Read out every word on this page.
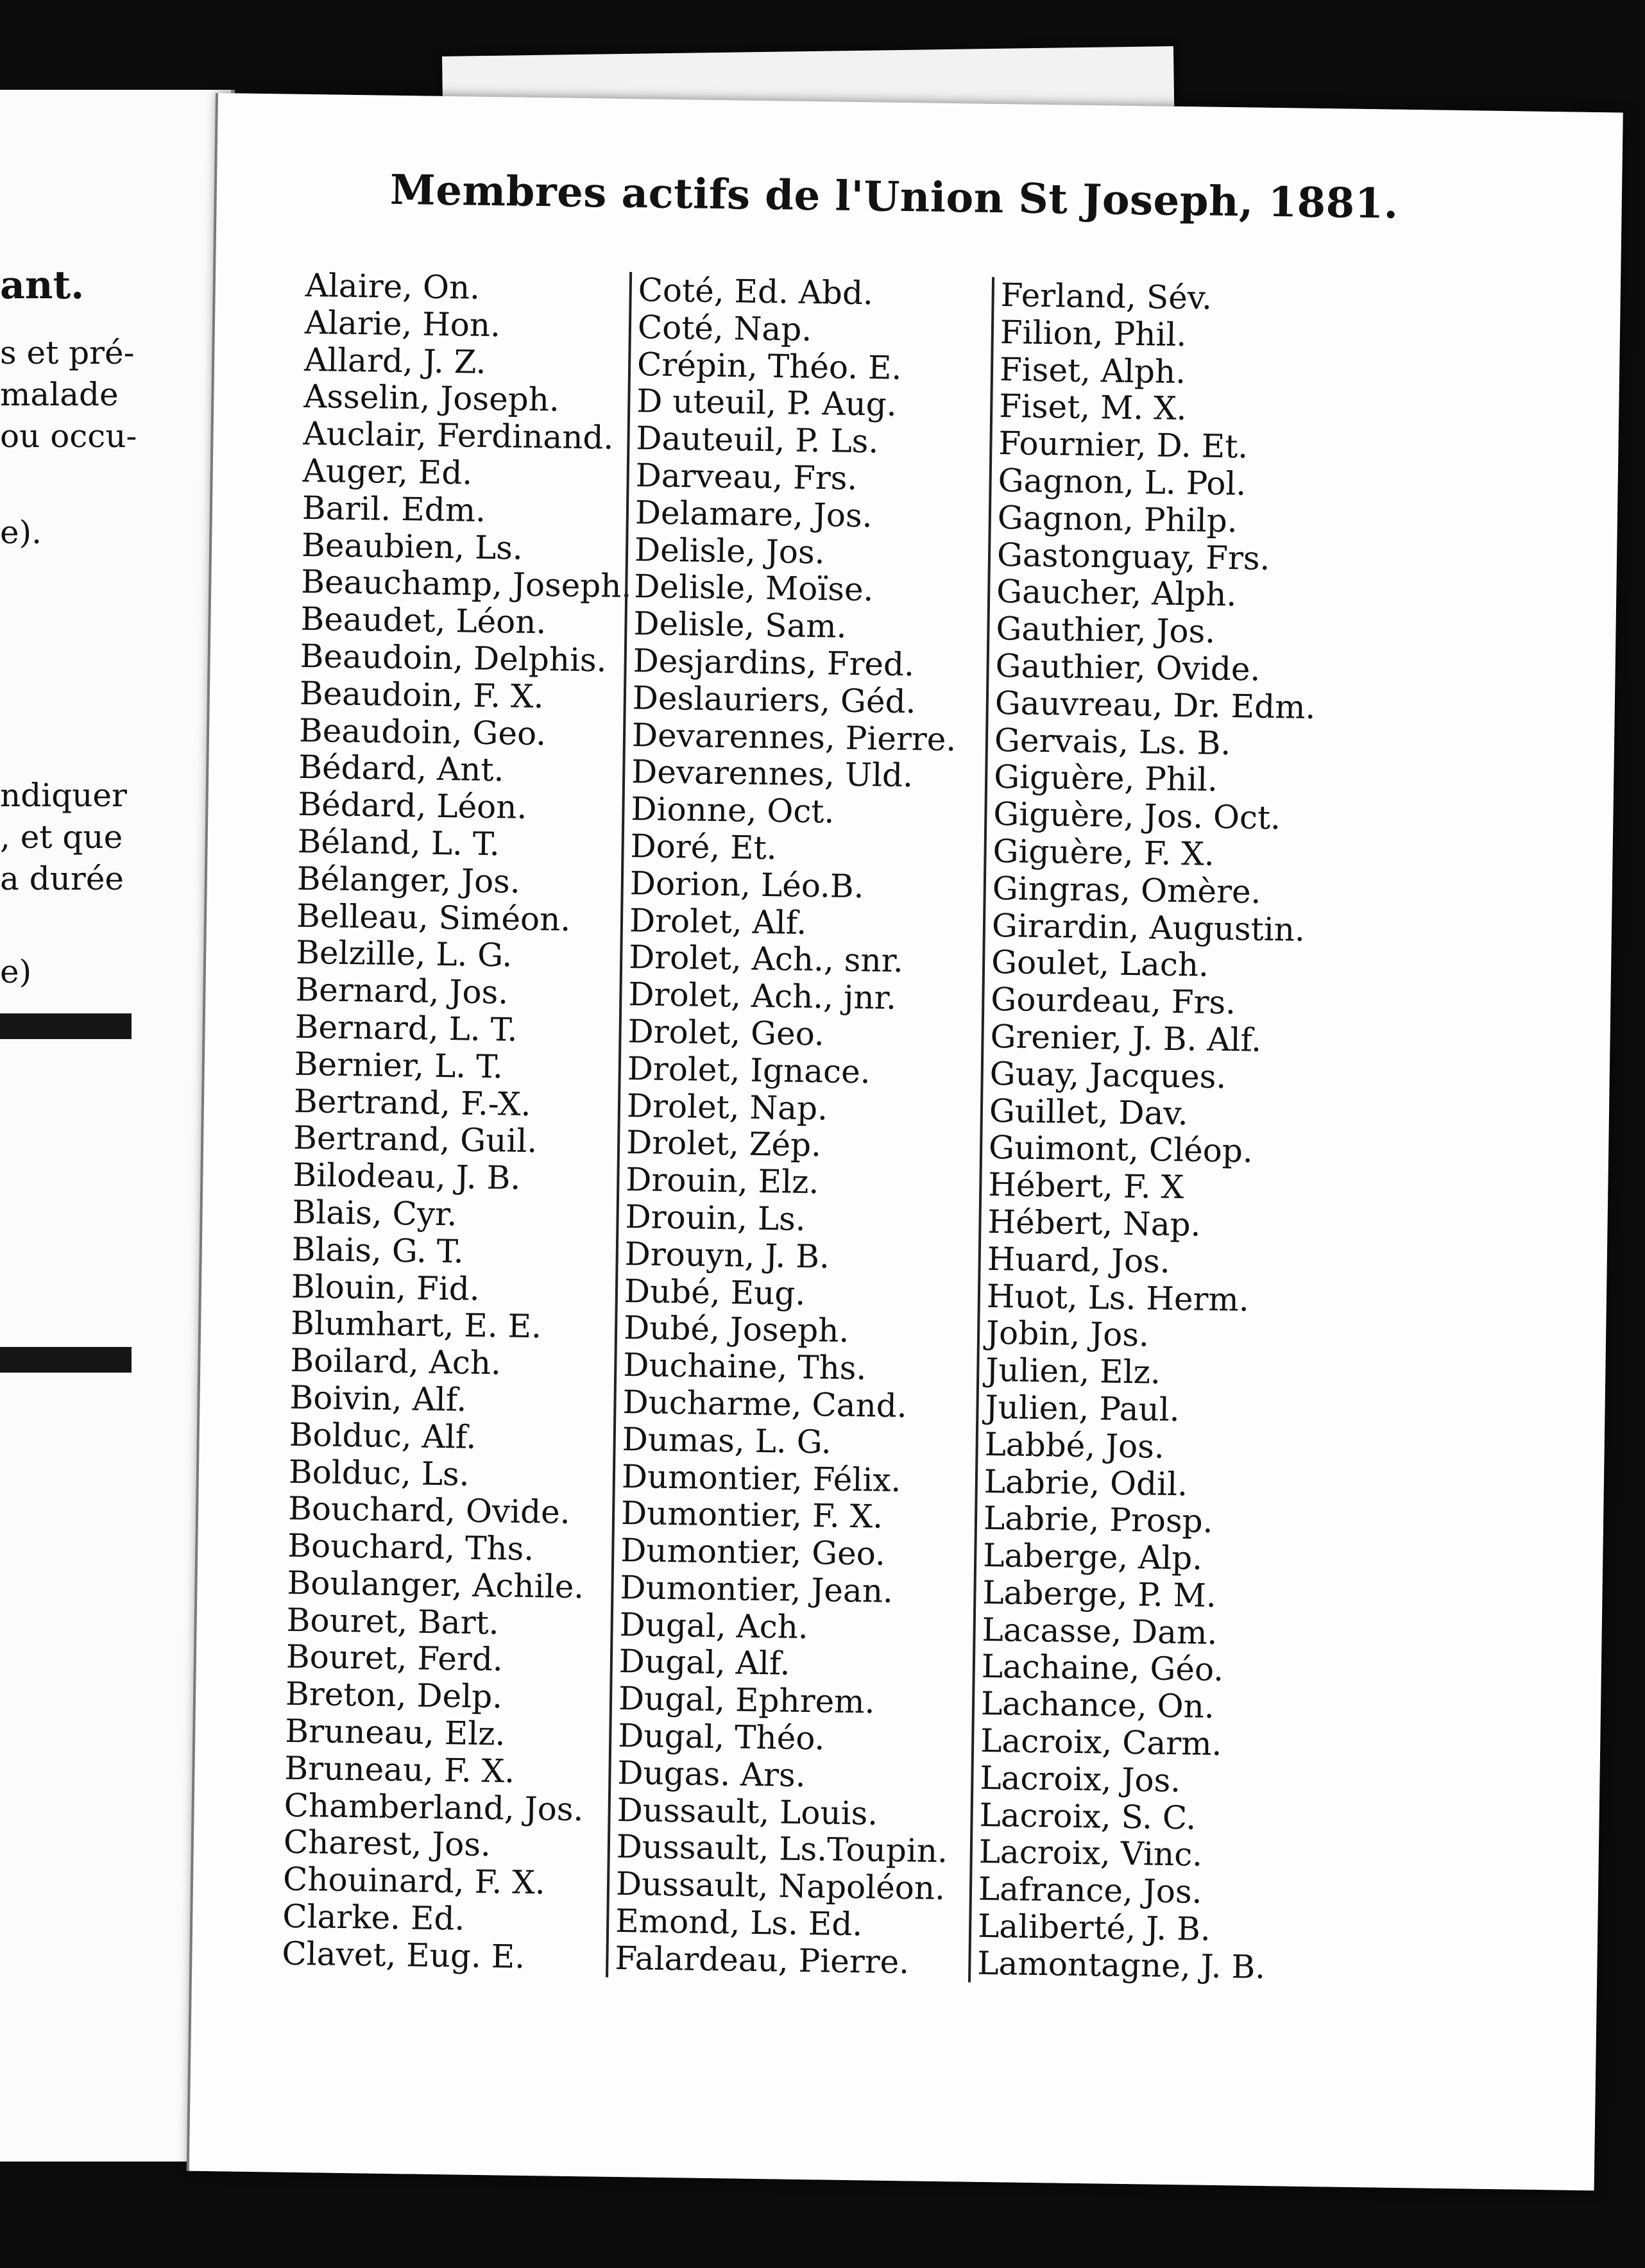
ant.

s et pré-

malade

ou occu-

e).

ndiquer

, et que

a durée

e)

Membres actifs de l'Union St Joseph, 1881.
Alaire, On.
Alarie, Hon.
Allard, J. Z.
Asselin, Joseph.
Auclair, Ferdinand.
Auger, Ed.
Baril. Edm.
Beaubien, Ls.
Beauchamp, Joseph.
Beaudet, Léon.
Beaudoin, Delphis.
Beaudoin, F. X.
Beaudoin, Geo.
Bédard, Ant.
Bédard, Léon.
Béland, L. T.
Bélanger, Jos.
Belleau, Siméon.
Belzille, L. G.
Bernard, Jos.
Bernard, L. T.
Bernier, L. T.
Bertrand, F.-X.
Bertrand, Guil.
Bilodeau, J. B.
Blais, Cyr.
Blais, G. T.
Blouin, Fid.
Blumhart, E. E.
Boilard, Ach.
Boivin, Alf.
Bolduc, Alf.
Bolduc, Ls.
Bouchard, Ovide.
Bouchard, Ths.
Boulanger, Achile.
Bouret, Bart.
Bouret, Ferd.
Breton, Delp.
Bruneau, Elz.
Bruneau, F. X.
Chamberland, Jos.
Charest, Jos.
Chouinard, F. X.
Clarke. Ed.
Clavet, Eug. E.
Coté, Ed. Abd.
Coté, Nap.
Crépin, Théo. E.
D uteuil, P. Aug.
Dauteuil, P. Ls.
Darveau, Frs.
Delamare, Jos.
Delisle, Jos.
Delisle, Moïse.
Delisle, Sam.
Desjardins, Fred.
Deslauriers, Géd.
Devarennes, Pierre.
Devarennes, Uld.
Dionne, Oct.
Doré, Et.
Dorion, Léo.B.
Drolet, Alf.
Drolet, Ach., snr.
Drolet, Ach., jnr.
Drolet, Geo.
Drolet, Ignace.
Drolet, Nap.
Drolet, Zép.
Drouin, Elz.
Drouin, Ls.
Drouyn, J. B.
Dubé, Eug.
Dubé, Joseph.
Duchaine, Ths.
Ducharme, Cand.
Dumas, L. G.
Dumontier, Félix.
Dumontier, F. X.
Dumontier, Geo.
Dumontier, Jean.
Dugal, Ach.
Dugal, Alf.
Dugal, Ephrem.
Dugal, Théo.
Dugas. Ars.
Dussault, Louis.
Dussault, Ls.Toupin.
Dussault, Napoléon.
Emond, Ls. Ed.
Falardeau, Pierre.
Ferland, Sév.
Filion, Phil.
Fiset, Alph.
Fiset, M. X.
Fournier, D. Et.
Gagnon, L. Pol.
Gagnon, Philp.
Gastonguay, Frs.
Gaucher, Alph.
Gauthier, Jos.
Gauthier, Ovide.
Gauvreau, Dr. Edm.
Gervais, Ls. B.
Giguère, Phil.
Giguère, Jos. Oct.
Giguère, F. X.
Gingras, Omère.
Girardin, Augustin.
Goulet, Lach.
Gourdeau, Frs.
Grenier, J. B. Alf.
Guay, Jacques.
Guillet, Dav.
Guimont, Cléop.
Hébert, F. X
Hébert, Nap.
Huard, Jos.
Huot, Ls. Herm.
Jobin, Jos.
Julien, Elz.
Julien, Paul.
Labbé, Jos.
Labrie, Odil.
Labrie, Prosp.
Laberge, Alp.
Laberge, P. M.
Lacasse, Dam.
Lachaine, Géo.
Lachance, On.
Lacroix, Carm.
Lacroix, Jos.
Lacroix, S. C.
Lacroix, Vinc.
Lafrance, Jos.
Laliberté, J. B.
Lamontagne, J. B.
